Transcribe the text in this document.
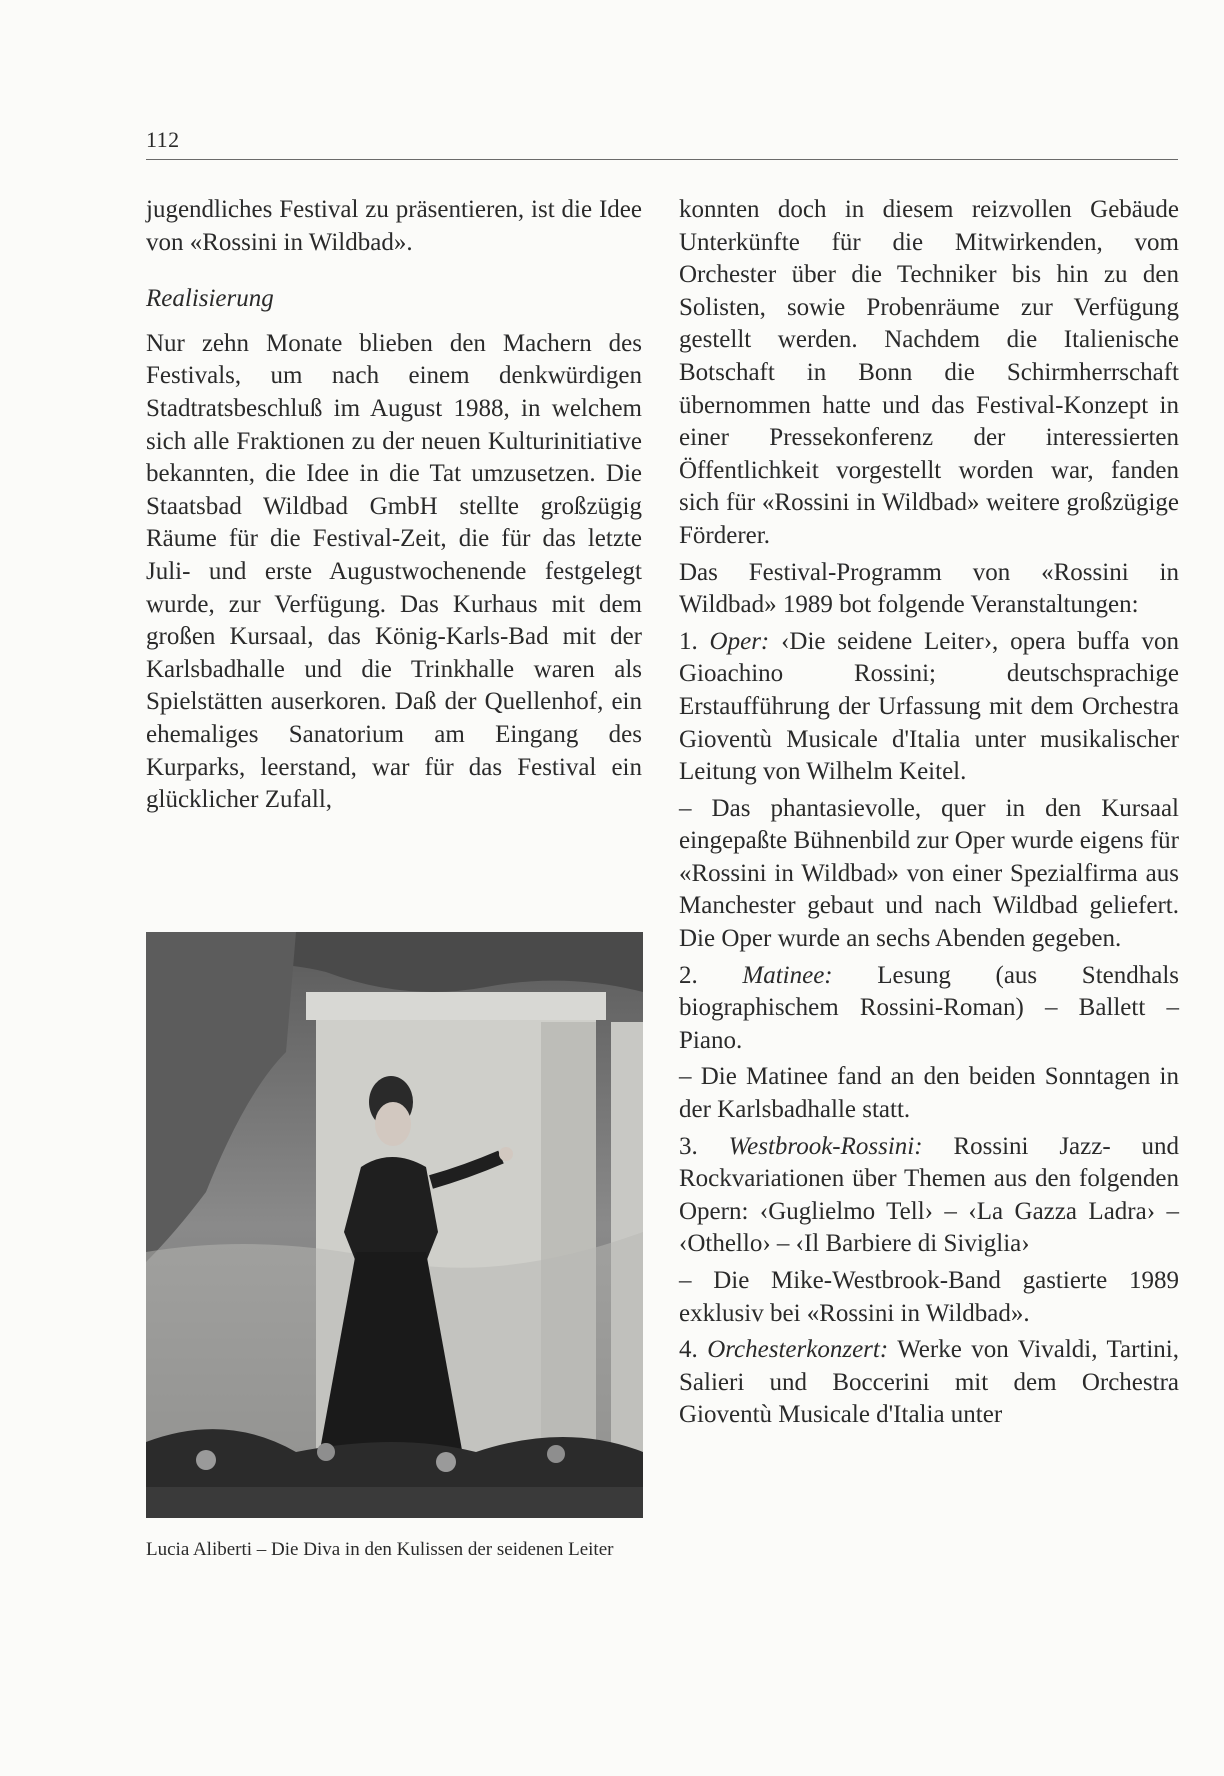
112

jugendliches Festival zu präsentieren, ist die Idee von «Rossini in Wildbad».

Realisierung

Nur zehn Monate blieben den Machern des Festivals, um nach einem denkwürdigen Stadtratsbeschluß im August 1988, in welchem sich alle Fraktionen zu der neuen Kulturinitiative bekannten, die Idee in die Tat umzusetzen. Die Staatsbad Wildbad GmbH stellte großzügig Räume für die Festival-Zeit, die für das letzte Juli- und erste Augustwochenende festgelegt wurde, zur Verfügung. Das Kurhaus mit dem großen Kursaal, das König-Karls-Bad mit der Karlsbadhalle und die Trinkhalle waren als Spielstätten auserkoren. Daß der Quellenhof, ein ehemaliges Sanatorium am Eingang des Kurparks, leerstand, war für das Festival ein glücklicher Zufall,

Lucia Aliberti – Die Diva in den Kulissen der seidenen Leiter

konnten doch in diesem reizvollen Gebäude Unterkünfte für die Mitwirkenden, vom Orchester über die Techniker bis hin zu den Solisten, sowie Probenräume zur Verfügung gestellt werden. Nachdem die Italienische Botschaft in Bonn die Schirmherrschaft übernommen hatte und das Festival-Konzept in einer Pressekonferenz der interessierten Öffentlichkeit vorgestellt worden war, fanden sich für «Rossini in Wildbad» weitere großzügige Förderer.

Das Festival-Programm von «Rossini in Wildbad» 1989 bot folgende Veranstaltungen:

1. Oper: ‹Die seidene Leiter›, opera buffa von Gioachino Rossini; deutschsprachige Erstaufführung der Urfassung mit dem Orchestra Gioventù Musicale d'Italia unter musikalischer Leitung von Wilhelm Keitel.

– Das phantasievolle, quer in den Kursaal eingepaßte Bühnenbild zur Oper wurde eigens für «Rossini in Wildbad» von einer Spezialfirma aus Manchester gebaut und nach Wildbad geliefert. Die Oper wurde an sechs Abenden gegeben.

2. Matinee: Lesung (aus Stendhals biographischem Rossini-Roman) – Ballett – Piano.

– Die Matinee fand an den beiden Sonntagen in der Karlsbadhalle statt.

3. Westbrook-Rossini: Rossini Jazz- und Rockvariationen über Themen aus den folgenden Opern: ‹Guglielmo Tell› – ‹La Gazza Ladra› – ‹Othello› – ‹Il Barbiere di Siviglia›

– Die Mike-Westbrook-Band gastierte 1989 exklusiv bei «Rossini in Wildbad».

4. Orchesterkonzert: Werke von Vivaldi, Tartini, Salieri und Boccerini mit dem Orchestra Gioventù Musicale d'Italia unter
